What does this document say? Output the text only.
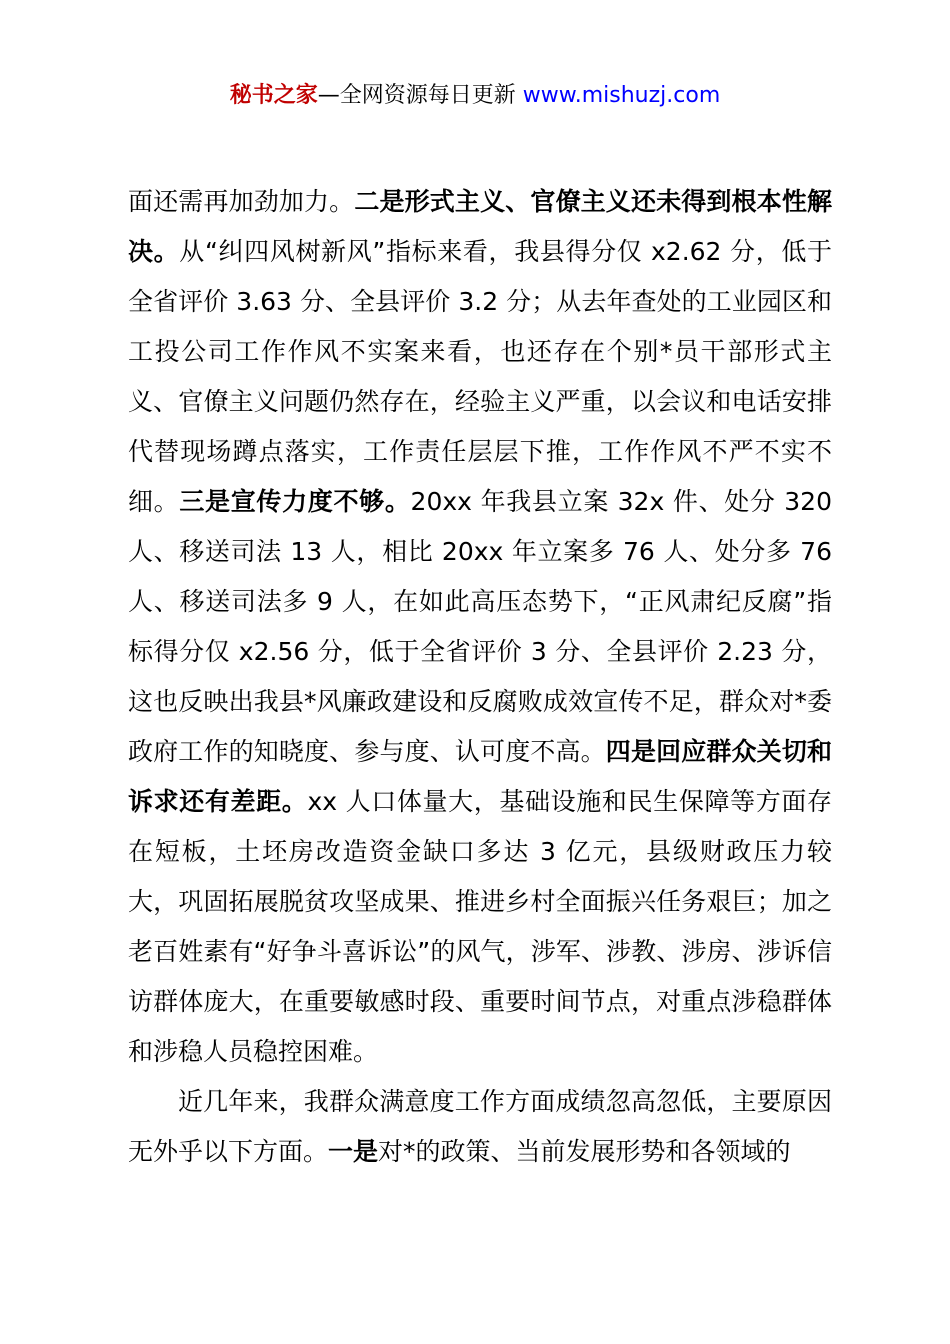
秘书之家—全网资源每日更新 www.mishuzj.com

面还需再加劲加力。二是形式主义、官僚主义还未得到根本性解决。从“纠四风树新风”指标来看，我县得分仅 x2.62 分，低于全省评价 3.63 分、全县评价 3.2 分；从去年查处的工业园区和工投公司工作作风不实案来看，也还存在个别*员干部形式主义、官僚主义问题仍然存在，经验主义严重，以会议和电话安排代替现场蹲点落实，工作责任层层下推，工作作风不严不实不细。三是宣传力度不够。20xx 年我县立案 32x 件、处分 320 人、移送司法 13 人，相比 20xx 年立案多 76 人、处分多 76 人、移送司法多 9 人，在如此高压态势下，“正风肃纪反腐”指标得分仅 x2.56 分，低于全省评价 3 分、全县评价 2.23 分，这也反映出我县*风廉政建设和反腐败成效宣传不足，群众对*委政府工作的知晓度、参与度、认可度不高。四是回应群众关切和诉求还有差距。xx 人口体量大，基础设施和民生保障等方面存在短板，土坯房改造资金缺口多达 3 亿元，县级财政压力较大，巩固拓展脱贫攻坚成果、推进乡村全面振兴任务艰巨；加之老百姓素有“好争斗喜诉讼”的风气，涉军、涉教、涉房、涉诉信访群体庞大，在重要敏感时段、重要时间节点，对重点涉稳群体和涉稳人员稳控困难。

近几年来，我群众满意度工作方面成绩忽高忽低，主要原因无外乎以下方面。一是对*的政策、当前发展形势和各领域的
